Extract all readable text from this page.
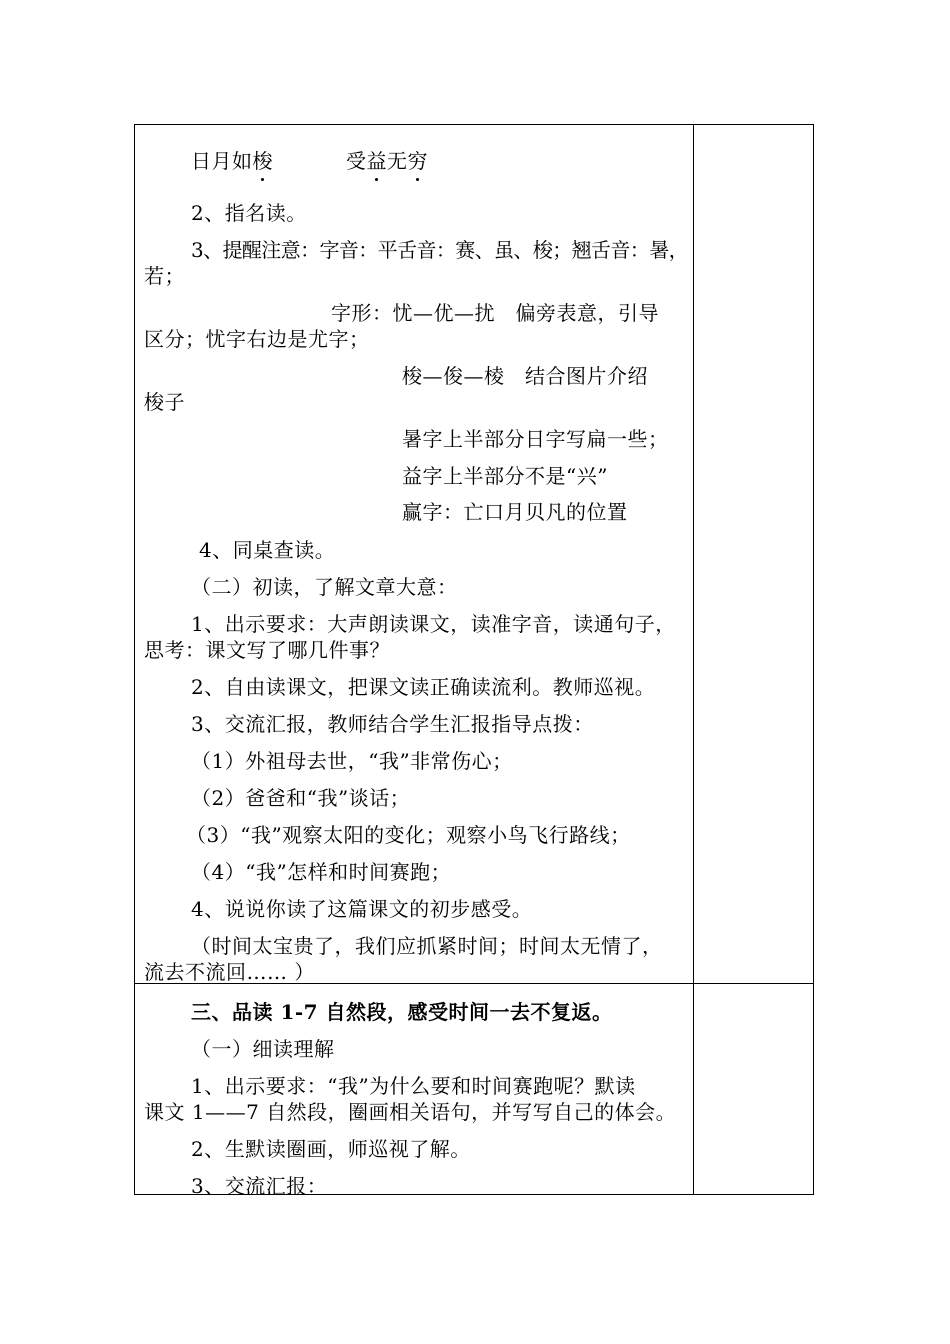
日月如梭	受益无穷
2、指名读。
3、提醒注意：字音：平舌音：赛、虽、梭；翘舌音：暑，
若；
字形：忧—优—扰　偏旁表意，引导
区分；忧字右边是尤字；
梭—俊—棱　结合图片介绍
梭子
暑字上半部分日字写扁一些；
益字上半部分不是“兴”
赢字：亡口月贝凡的位置
4、同桌查读。
（二）初读，了解文章大意：
1、出示要求：大声朗读课文，读准字音，读通句子，
思考：课文写了哪几件事？
2、自由读课文，把课文读正确读流利。教师巡视。
3、交流汇报，教师结合学生汇报指导点拨：
（1）外祖母去世，“我”非常伤心；
（2）爸爸和“我”谈话；
（3）“我”观察太阳的变化；观察小鸟飞行路线；
（4）“我”怎样和时间赛跑；
4、说说你读了这篇课文的初步感受。
（时间太宝贵了，我们应抓紧时间；时间太无情了，
流去不流回…… ）
三、品读 1-7 自然段，感受时间一去不复返。
（一）细读理解
1、出示要求：“我”为什么要和时间赛跑呢？默读
课文 1——7 自然段，圈画相关语句，并写写自己的体会。
2、生默读圈画，师巡视了解。
3、交流汇报：
